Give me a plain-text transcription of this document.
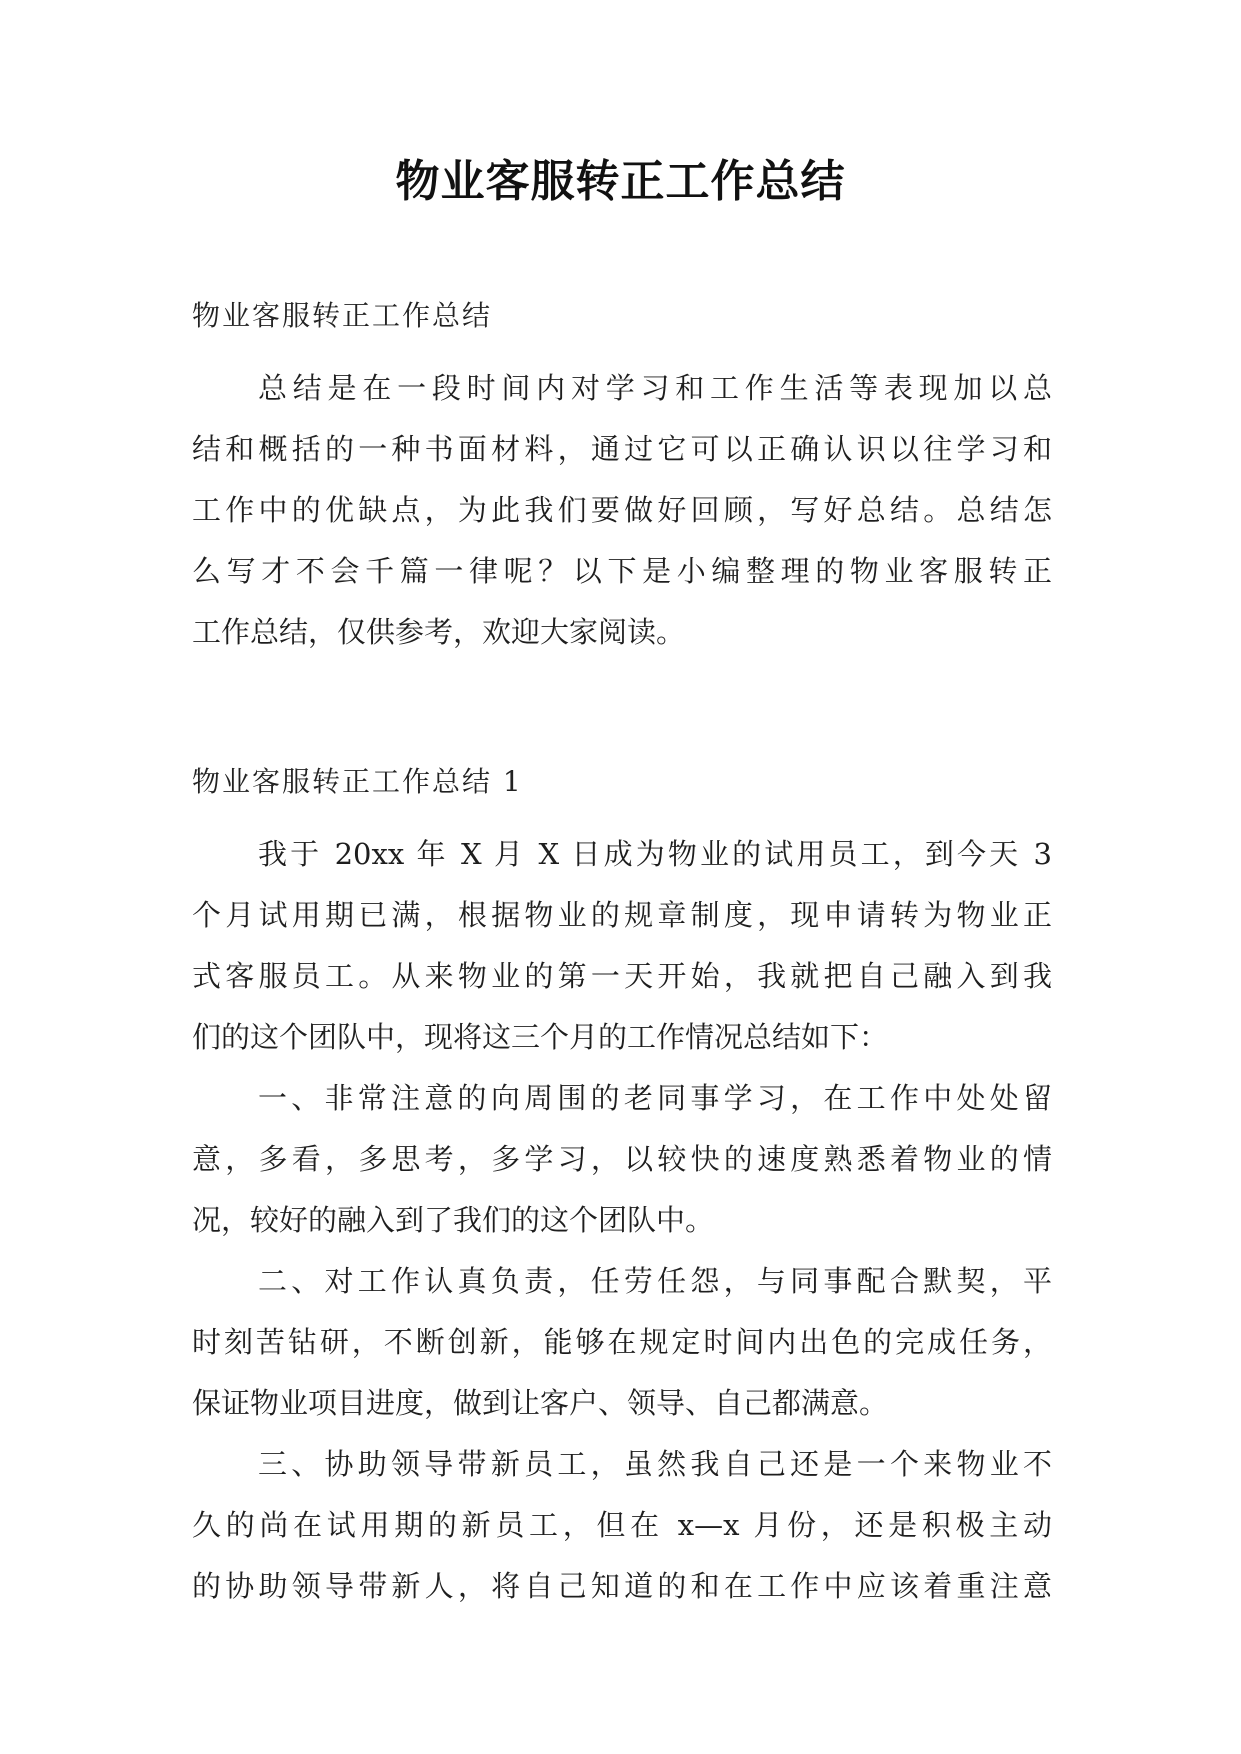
物业客服转正工作总结
物业客服转正工作总结
总结是在一段时间内对学习和工作生活等表现加以总
结和概括的一种书面材料，通过它可以正确认识以往学习和
工作中的优缺点，为此我们要做好回顾，写好总结。总结怎
么写才不会千篇一律呢？以下是小编整理的物业客服转正
工作总结，仅供参考，欢迎大家阅读。
物业客服转正工作总结 1
我于 20xx 年 X 月 X 日成为物业的试用员工，到今天 3
个月试用期已满，根据物业的规章制度，现申请转为物业正
式客服员工。从来物业的第一天开始，我就把自己融入到我
们的这个团队中，现将这三个月的工作情况总结如下：
一、非常注意的向周围的老同事学习，在工作中处处留
意，多看，多思考，多学习，以较快的速度熟悉着物业的情
况，较好的融入到了我们的这个团队中。
二、对工作认真负责，任劳任怨，与同事配合默契，平
时刻苦钻研，不断创新，能够在规定时间内出色的完成任务，
保证物业项目进度，做到让客户、领导、自己都满意。
三、协助领导带新员工，虽然我自己还是一个来物业不
久的尚在试用期的新员工，但在 x—x 月份，还是积极主动
的协助领导带新人，将自己知道的和在工作中应该着重注意
